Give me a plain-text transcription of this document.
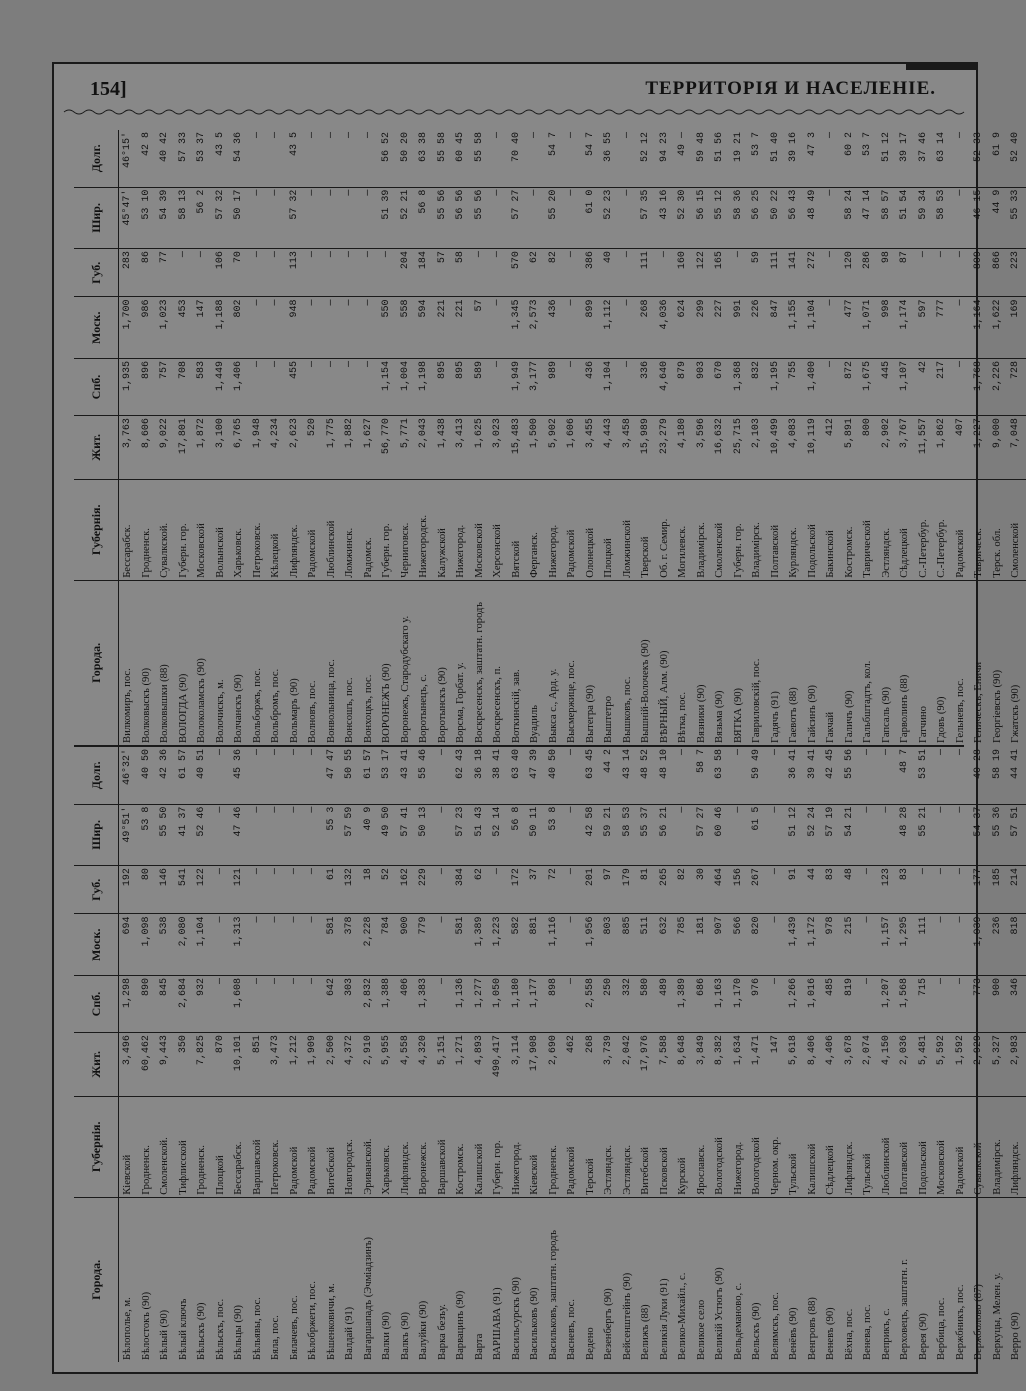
154]	ТЕРРИТОРІЯ И НАСЕЛЕНІЕ.
Города.	Губернія.	Жит.	Спб.	Моск.	Губ.	Шир.	Долг.
Бѣлополье, м.	Кіевской	3,496	1,298	694	192	49°51'	46°32'
Бѣлостокъ (90)	Гродненск.	60,462	890	1,098	80	53 8	40 50
Бѣлый (90)	Смоленской.	9,443	845	538	146	55 50	42 36
Бѣлый ключъ	Тифлисской	350	2,684	2,080	541	41 37	61 57
Бѣльскъ (90)	Гродненск.	7,825	932	1,104	122	52 46	40 51
Бѣльскъ, пос.	Плоцкой	870	—	—	—	—	—
Бѣльцы (90)	Бессарабск.	10,101	1,608	1,313	121	47 46	45 36
Бѣльявы, пос.	Варшавской	851	—	—	—	—	—
Бяла, пос.	Петроковск.	3,473	—	—	—	—	—
Бялачевъ, пос.	Радомской	1,212	—	—	—	—	—
Бѣлобржеги, пос.	Радомской	1,909	—	—	—	—	—
Бѣшенковичи, м.	Витебской	2,500	642	581	61	55 3	47 47
Валдай (91)	Новгородск.	4,372	303	378	132	57 59	50 55
Вагаршападъ (Эчміадзинъ)	Эриванской.	2,910	2,832	2,228	18	40 9	61 57
Валки (90)	Харьковск.	5,955	1,388	784	52	49 50	53 17
Валкъ (90)	Лифляндск.	4,558	406	900	162	57 41	43 41
Валуйки (90)	Воронежск.	4,320	1,383	779	229	50 13	55 46
Варка безъу.	Варшавской	5,151	—	—	—	—	—
Варвацинъ (90)	Костромск.	1,271	1,136	581	384	57 23	62 43
Варта	Калишской	4,893	1,277	1,389	62	51 43	36 18
ВАРШАВА (91)	Губерн. гор.	490,417	1,050	1,223	—	52 14	38 41
Васильсурскъ (90)	Нижегород.	3,114	1,180	582	172	56 8	63 40
Васильковъ (90)	Кіевской	17,908	1,177	881	37	50 11	47 39
Васильковъ, заштатн. городъ	Гродненск.	2,690	898	1,116	72	53 8	40 50
Васневъ, пос.	Радомской	462	—	—	—	—	—
Ведено	Терской	268	2,558	1,956	201	42 58	63 45
Везенбергъ (90)	Эстляндск.	3,739	250	803	97	59 21	44 2
Вейсенштейнъ (90)	Эстляндск.	2,042	332	885	179	58 53	43 14
Велижъ (88)	Витебской	17,976	580	511	81	55 37	48 52
Великія Луки (91)	Псковской	7,588	489	632	265	56 21	48 10
Велико-Михайл., с.	Курской	8,648	1,389	785	82	—	—
Великое село	Ярославск.	3,849	686	181	30	57 27	58 7
Великій Устюгъ (90)	Вологодской	8,382	1,163	907	464	60 46	63 58
Вельдеманово, с.	Нижегород.	1,634	1,170	566	156	—	—
Вельскъ (90)	Вологодской	1,471	976	820	267	61 5	59 49
Велямскъ, пос.	Черном. окр.	147	—	—	—	—	—
Венёвъ (90)	Тульской	5,618	1,266	1,439	91	51 12	36 41
Венгровъ (88)	Калишской	8,406	1,016	1,172	44	52 24	39 41
Веневъ (90)	Сѣдлецкой	4,406	485	978	83	57 19	42 45
Вёхна, пос.	Лифляндск.	3,678	819	215	48	54 21	55 56
Венева, пос.	Тульской	2,074	—	—	—	—	—
Веприкъ, с.	Люблинской	4,150	1,207	1,157	123	—	—
Верховецъ, заштатн. г.	Полтавской	2,036	1,568	1,295	83	48 28	48 7
Верея (90)	Подольской	5,481	715	111	—	55 21	53 51
Вербица, пос.	Московской	5,592	—	—	—	—	—
Вержбникъ, пос.	Радомской	1,592	—	—	—	—	—
Вержболово (87)	Сувалкской	2,929	773	1,039	177	54 37	40 28
Веркуцы, Мелен. у.	Владимірск.	5,327	900	236	185	55 36	58 19
Верро (90)	Лифляндск.	2,983	346	818	214	57 51	44 41
Города.	Губернія.	Жит.	Спб.	Моск.	Губ.	Шир.	Долг.
Вилкомиръ, пос.	Бессарабск.	3,763	1,935	1,700	283	45°47'	46°15'
Волковыскъ (90)	Гродненск.	8,606	896	986	86	53 10	42 8
Волковышки (88)	Сувалкской.	9,022	757	1,023	77	54 39	40 42
ВОЛОГДА (90)	Губерн. гор.	17,801	708	453	—	58 13	57 33
Волоколамскъ (90)	Московской	1,872	583	147	—	56 2	53 37
Волочискъ, м.	Волынской	3,100	1,449	1,188	106	57 32	43 5
Волчанскъ (90)	Харьковск.	6,765	1,406	802	70	50 17	54 36
Вольборжъ, пос.	Петроковск.	1,948	—	—	—	—	—
Вольбромъ, пос.	Кѣлецкой	4,234	—	—	—	—	—
Вольмаръ (90)	Лифляндск.	2,623	455	948	113	57 32	43 5
Волновъ, пос.	Радомской	520	—	—	—	—	—
Вонвольница, пос.	Люблинской	1,775	—	—	—	—	—
Вонсошъ, пос.	Ломжинск.	1,882	—	—	—	—	—
Вонхоцкъ, пос.	Радомск.	1,627	—	—	—	—	—
ВОРОНЕЖЪ (90)	Губерн. гор.	56,770	1,154	550	—	51 39	56 52
Воронежъ, Стародубскаго у.	Черниговск.	5,771	1,004	558	204	52 21	50 20
Воротынецъ, с.	Нижегородск.	2,043	1,198	594	184	56 8	63 38
Воротынскъ (90)	Калужской	1,438	895	221	57	55 56	55 58
Ворсма, Горбат. у.	Нижегород.	3,413	895	221	58	56 56	60 45
Воскресенскъ, заштатн. городъ	Московской	1,625	589	57	—	55 56	55 58
Воскресенскъ, п.	Херсонской	3,023	—	—	—	—	—
Воткинскій, зав.	Вятской	15,483	1,949	1,345	570	57 27	70 40
Вуадиль	Ферганск.	1,500	3,177	2,573	62	—	—
Выкса с., Ард. у.	Нижегород.	5,902	989	436	82	55 20	54 7
Высмержице, пос.	Радомской	1,606	—	—	—	—	—
Вытегра (90)	Олонецкой	3,455	436	899	386	61 0	54 7
Выштетро	Плоцкой	4,443	1,104	1,112	40	52 23	36 55
Вышковъ, пос.	Ломжинской	3,458	—	—	—	—	—
Вышній-Волочекъ (90)	Тверской	15,989	336	268	111	57 35	52 12
ВѢРНЫЙ, Алм. (90)	Об. г. Семир.	23,279	4,640	4,036	—	43 16	94 23
Вѣтка, пос.	Могилевск.	4,180	879	624	160	52 30	49 —
Вязники (90)	Владимірск.	3,596	903	299	122	56 15	59 48
Вязьма (90)	Смоленской	16,632	670	227	165	55 12	51 56
ВЯТКА (90)	Губерн. гор.	25,715	1,368	991	—	58 36	19 21
Гавриловскій, пос.	Владимірск.	2,103	832	226	59	56 25	53 7
Гадячъ (91)	Полтавской	10,499	1,195	847	111	50 22	51 40
Гаевотъ (88)	Курляндск.	4,083	755	1,155	141	56 43	39 16
Гайсинъ (90)	Подольской	10,119	1,400	1,104	272	48 49	47 3
Гакчай	Бакинской	412	—	—	—	—	—
Галичъ (90)	Костромск.	5,891	872	477	120	58 24	60 2
Гальбштадтъ, кол.	Таврической	800	1,675	1,071	286	47 14	53 7
Гапсаль (90)	Эстляндск.	2,902	445	998	98	58 57	51 12
Гарволинъ (88)	Сѣдлецкой	3,767	1,107	1,174	87	51 54	39 17
Гатчино	С.-Петербур.	11,557	42	597	—	59 34	37 46
Гдовъ (90)	С.-Петербур.	1,862	217	777	—	58 53	63 14
Гельневъ, пос.	Радомской	407	—	—	—	—	—
Геническъ, Еничи	Таврическ.	1,227	1,768	1,164	809	46 15	52 33
Георгіевскъ (90)	Терск. обл.	9,000	2,226	1,622	866	44 9	61 9
Гжатскъ (90)	Смоленской	7,048	728	169	223	55 33	52 40
